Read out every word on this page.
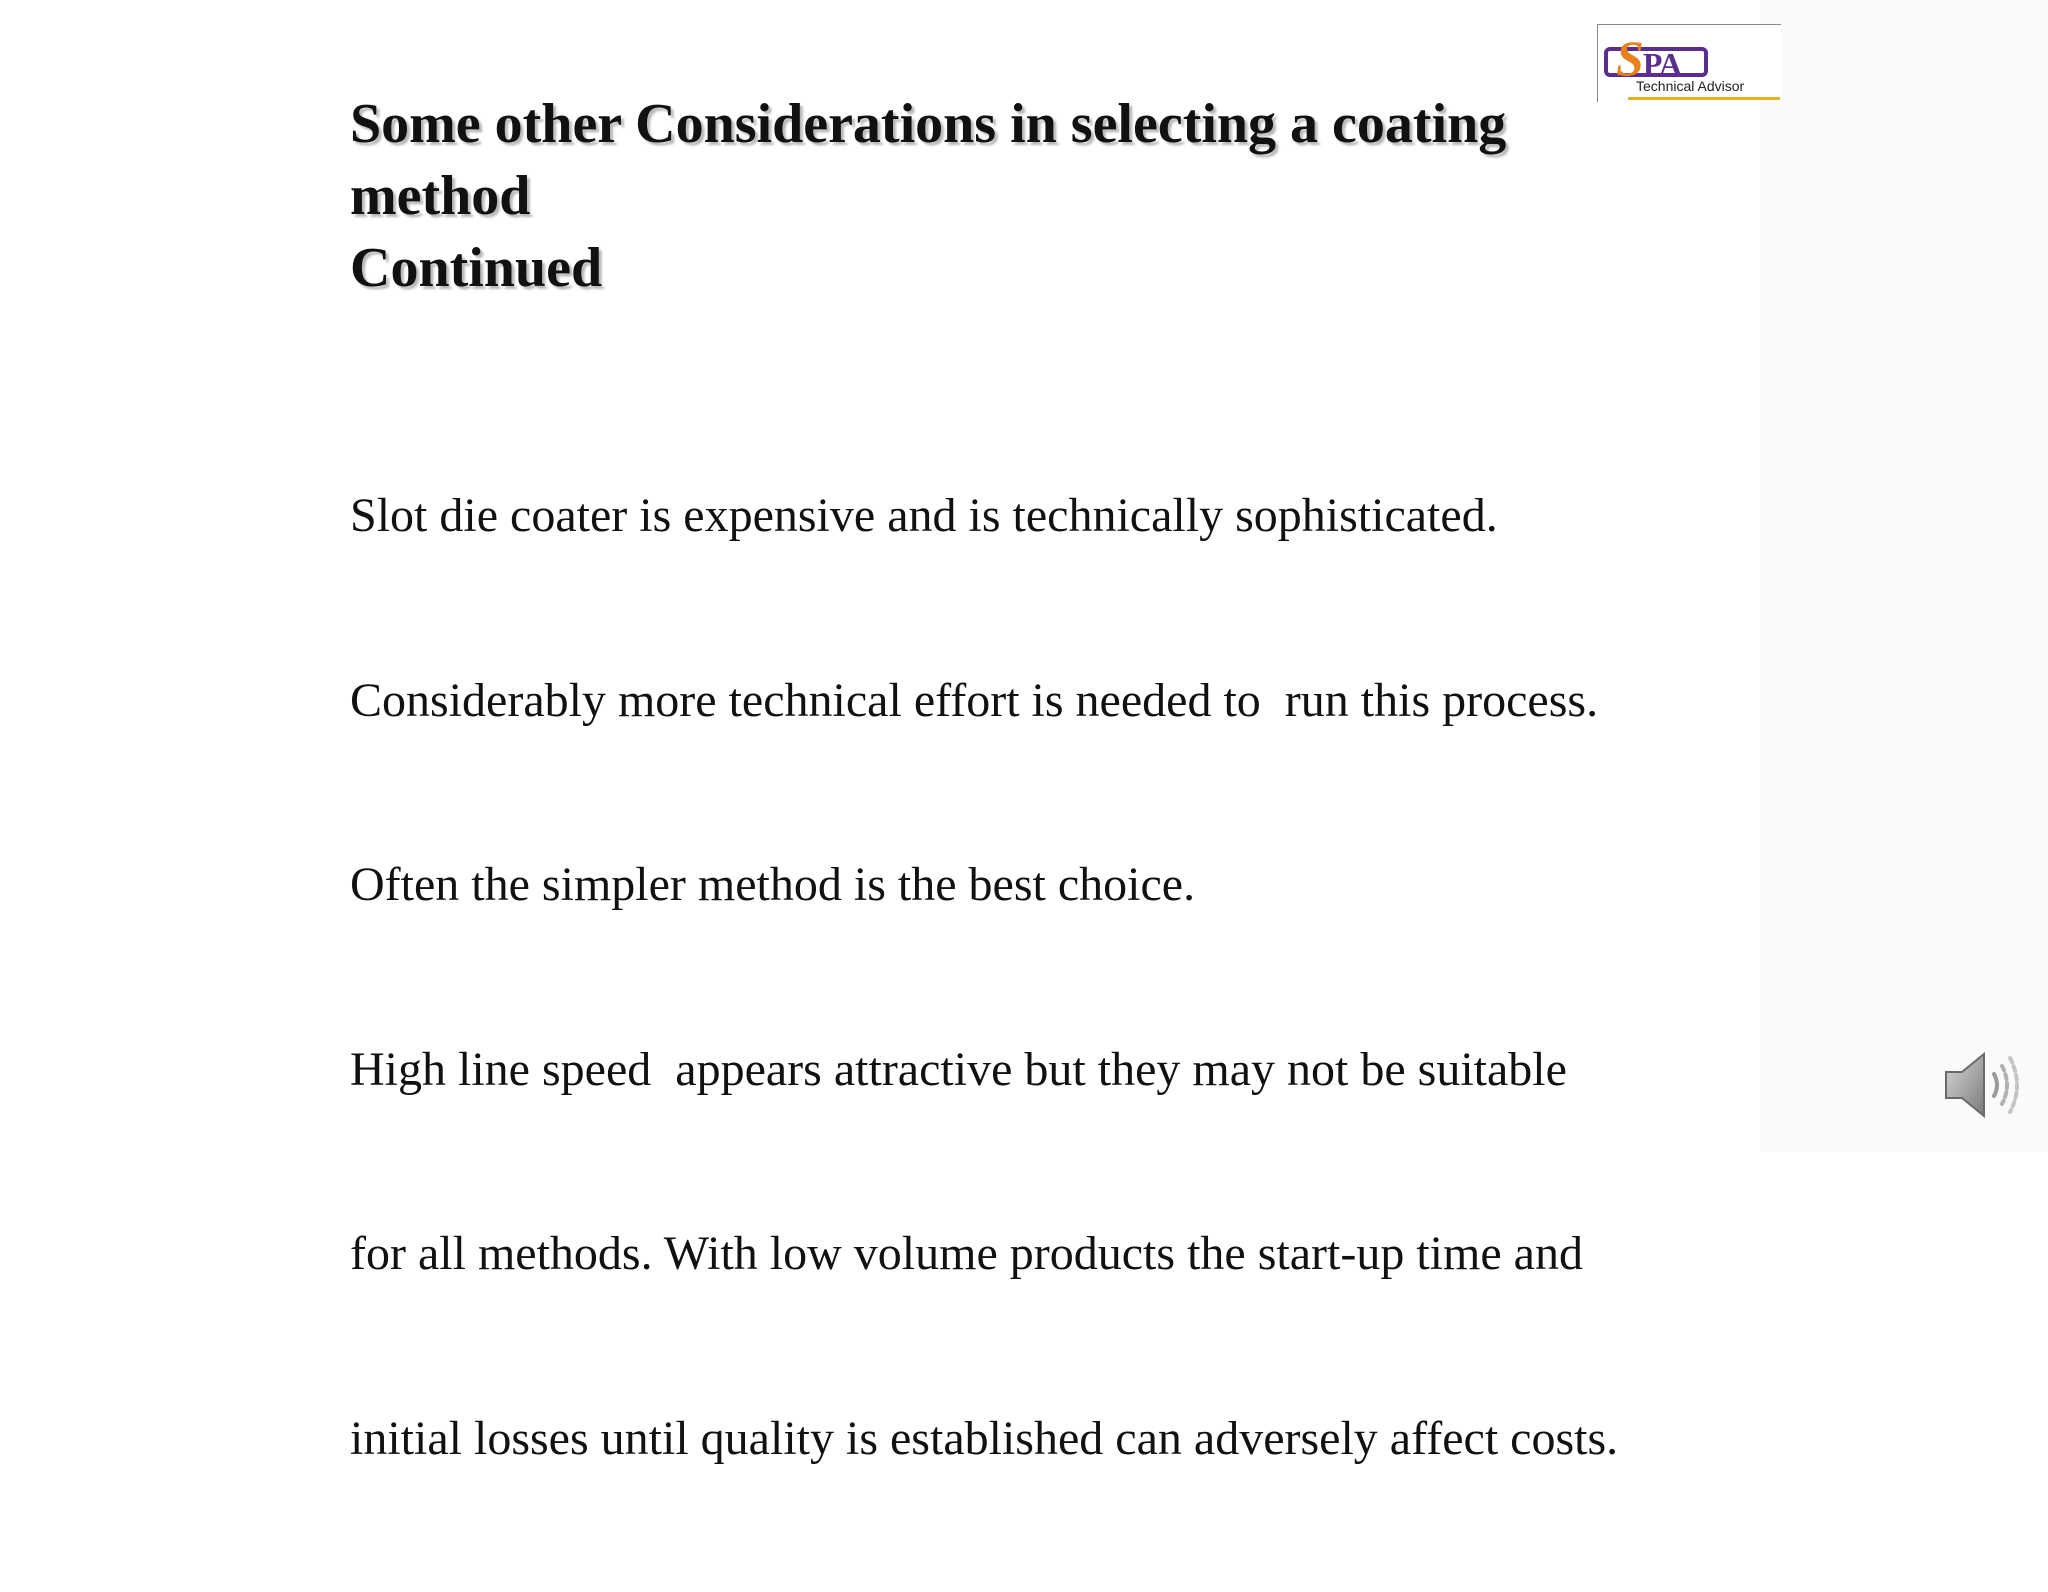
SPA
Technical Advisor
Some other Considerations in selecting a coating
method
Continued

Slot die coater is expensive and is technically sophisticated.

Considerably more technical effort is needed to  run this process.

Often the simpler method is the best choice.

High line speed  appears attractive but they may not be suitable

for all methods. With low volume products the start-up time and

initial losses until quality is established can adversely affect costs.
